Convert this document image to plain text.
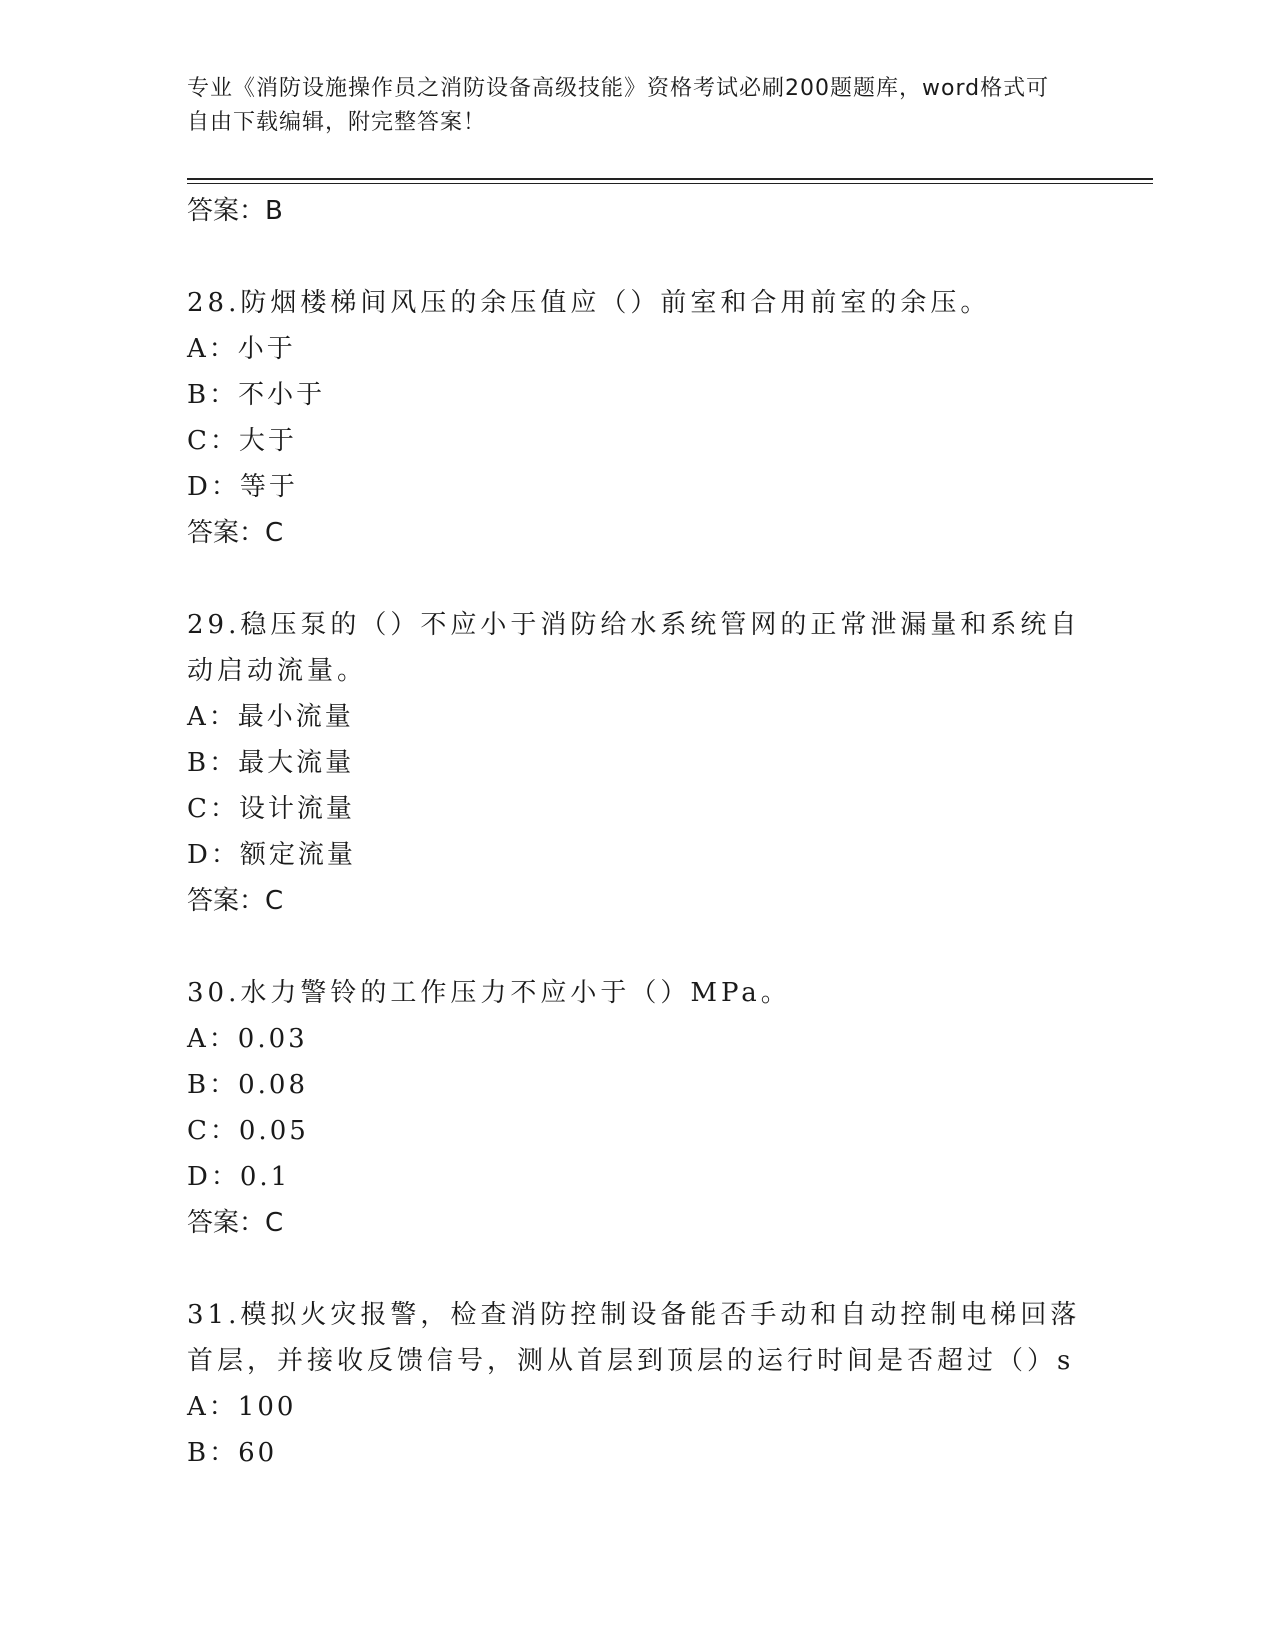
专业《消防设施操作员之消防设备高级技能》资格考试必刷200题题库，word格式可自由下载编辑，附完整答案！
答案：B
28.防烟楼梯间风压的余压值应（）前室和合用前室的余压。
A：小于
B：不小于
C：大于
D：等于
答案：C
29.稳压泵的（）不应小于消防给水系统管网的正常泄漏量和系统自动启动流量。
A：最小流量
B：最大流量
C：设计流量
D：额定流量
答案：C
30.水力警铃的工作压力不应小于（）MPa。
A：0.03
B：0.08
C：0.05
D：0.1
答案：C
31.模拟火灾报警，检查消防控制设备能否手动和自动控制电梯回落首层，并接收反馈信号，测从首层到顶层的运行时间是否超过（）s
A：100
B：60
